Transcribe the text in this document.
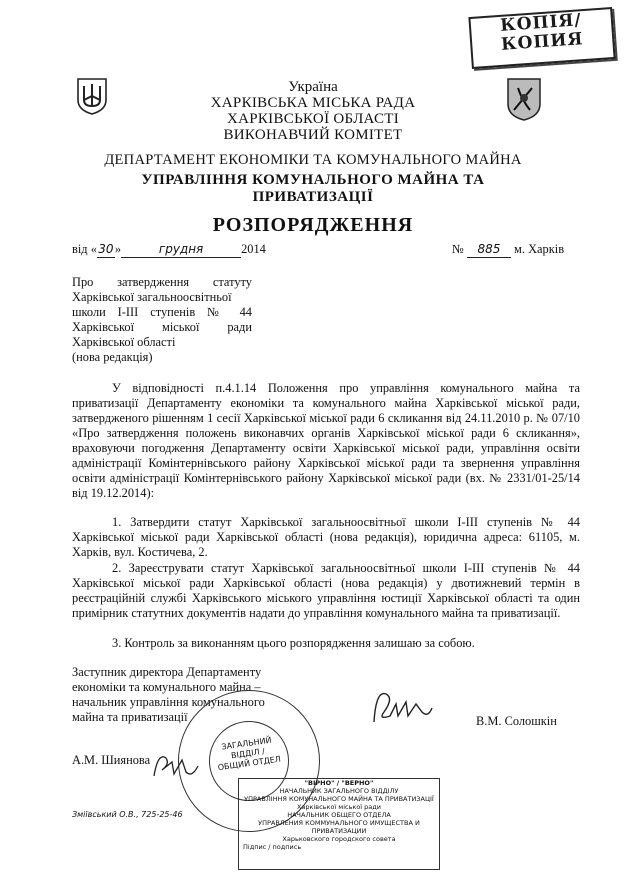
КОПІЯ/
КОПИЯ
Україна
ХАРКІВСЬКА МІСЬКА РАДА
ХАРКІВСЬКОЇ ОБЛАСТІ
ВИКОНАВЧИЙ КОМІТЕТ
ДЕПАРТАМЕНТ ЕКОНОМІКИ ТА КОМУНАЛЬНОГО МАЙНА
УПРАВЛІННЯ КОМУНАЛЬНОГО МАЙНА ТА
ПРИВАТИЗАЦІЇ
РОЗПОРЯДЖЕННЯ
від «30»	грудня	2014	№ 885 м. Харків
Про затвердження статуту
Харківської загальноосвітньої
школи І-ІІІ ступенів № 44
Харківської міської ради
Харківської області
(нова редакція)
У відповідності п.4.1.14 Положення про управління комунального майна та приватизації Департаменту економіки та комунального майна Харківської міської ради, затвердженого рішенням 1 сесії Харківської міської ради 6 скликання від 24.11.2010 р. № 07/10 «Про затвердження положень виконавчих органів Харківської міської ради 6 скликання», враховуючи погодження Департаменту освіти Харківської міської ради, управління освіти адміністрації Комінтернівського району Харківської міської ради та звернення управління освіти адміністрації Комінтернівського району Харківської міської ради (вх. № 2331/01-25/14 від 19.12.2014):
1. Затвердити статут Харківської загальноосвітньої школи І-ІІІ ступенів № 44 Харківської міської ради Харківської області (нова редакція), юридична адреса: 61105, м. Харків, вул. Костичева, 2.
2. Зареєструвати статут Харківської загальноосвітньої школи І-ІІІ ступенів № 44 Харківської міської ради Харківської області (нова редакція) у двотижневий термін в реєстраційній службі Харківського міського управління юстиції Харківської області та один примірник статутних документів надати до управління комунального майна та приватизації.
3. Контроль за виконанням цього розпорядження залишаю за собою.
Заступник директора Департаменту
економіки та комунального майна –
начальник управління комунального
майна та приватизації	В.М. Солошкін
ЗАГАЛЬНИЙ ВІДДІЛ / ОБЩИЙ ОТДЕЛ
А.М. Шиянова
"ВІРНО" / "ВЕРНО"
НАЧАЛЬНИК ЗАГАЛЬНОГО ВІДДІЛУ
УПРАВЛІННЯ КОМУНАЛЬНОГО МАЙНА ТА ПРИВАТИЗАЦІЇ
Харківської міської ради
НАЧАЛЬНИК ОБЩЕГО ОТДЕЛА
УПРАВЛЕНИЯ КОММУНАЛЬНОГО ИМУЩЕСТВА И ПРИВАТИЗАЦИИ
Харьковского городского совета
Підпис / подпись
Зміївський О.В., 725-25-46
